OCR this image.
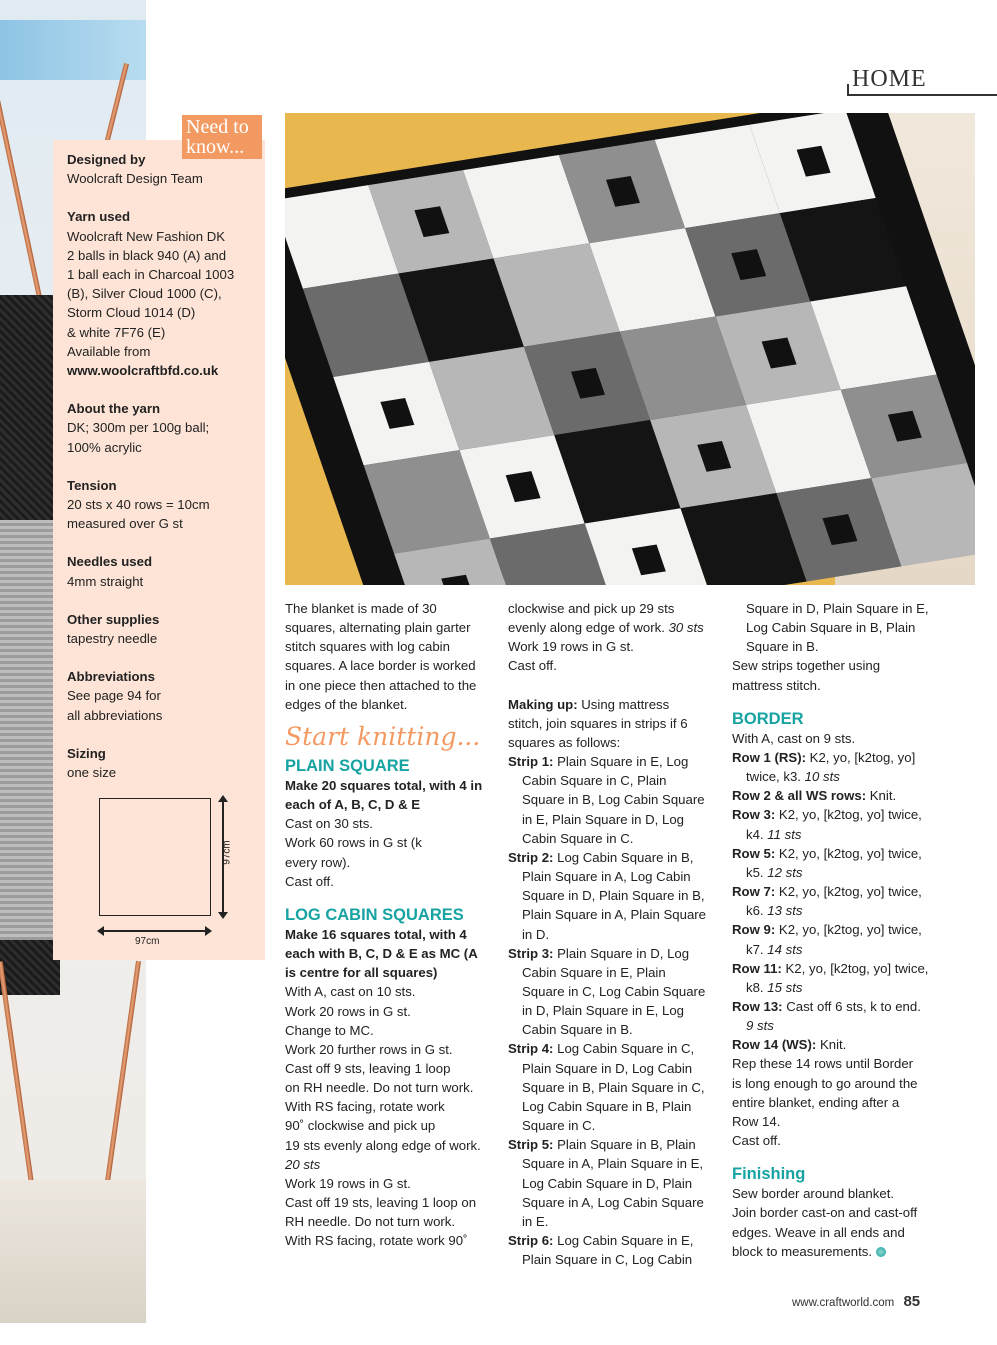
HOME
Designed by
Woolcraft Design Team
Yarn used
Woolcraft New Fashion DK
2 balls in black 940 (A) and
1 ball each in Charcoal 1003
(B), Silver Cloud 1000 (C),
Storm Cloud 1014 (D)
& white 7F76 (E)
Available from
www.woolcraftbfd.co.uk
About the yarn
DK; 300m per 100g ball;
100% acrylic
Tension
20 sts x 40 rows = 10cm
measured over G st
Needles used
4mm straight
Other supplies
tapestry needle
Abbreviations
See page 94 for
all abbreviations
Sizing
one size
97cm
97cm
Need to know...

The blanket is made of 30

squares, alternating plain garter

stitch squares with log cabin

squares. A lace border is worked

in one piece then attached to the

edges of the blanket.

Start knitting...
PLAIN SQUARE

Make 20 squares total, with 4 in

each of A, B, C, D & E

Cast on 30 sts.

Work 60 rows in G st (k

every row).

Cast off.

LOG CABIN SQUARES

Make 16 squares total, with 4

each with B, C, D & E as MC (A

is centre for all squares)

With A, cast on 10 sts.

Work 20 rows in G st.

Change to MC.

Work 20 further rows in G st.

Cast off 9 sts, leaving 1 loop

on RH needle. Do not turn work.

With RS facing, rotate work

90˚ clockwise and pick up

19 sts evenly along edge of work.

20 sts

Work 19 rows in G st.

Cast off 19 sts, leaving 1 loop on

RH needle. Do not turn work.

With RS facing, rotate work 90˚

clockwise and pick up 29 sts

evenly along edge of work. 30 sts

Work 19 rows in G st.

Cast off.

Making up: Using mattress

stitch, join squares in strips if 6

squares as follows:

Strip 1: Plain Square in E, Log

Cabin Square in C, Plain

Square in B, Log Cabin Square

in E, Plain Square in D, Log

Cabin Square in C.

Strip 2: Log Cabin Square in B,

Plain Square in A, Log Cabin

Square in D, Plain Square in B,

Plain Square in A, Plain Square

in D.

Strip 3: Plain Square in D, Log

Cabin Square in E, Plain

Square in C, Log Cabin Square

in D, Plain Square in E, Log

Cabin Square in B.

Strip 4: Log Cabin Square in C,

Plain Square in D, Log Cabin

Square in B, Plain Square in C,

Log Cabin Square in B, Plain

Square in C.

Strip 5: Plain Square in B, Plain

Square in A, Plain Square in E,

Log Cabin Square in D, Plain

Square in A, Log Cabin Square

in E.

Strip 6: Log Cabin Square in E,

Plain Square in C, Log Cabin

Square in D, Plain Square in E,

Log Cabin Square in B, Plain

Square in B.

Sew strips together using

mattress stitch.

BORDER

With A, cast on 9 sts.

Row 1 (RS): K2, yo, [k2tog, yo]

twice, k3. 10 sts

Row 2 & all WS rows: Knit.

Row 3: K2, yo, [k2tog, yo] twice,

k4. 11 sts

Row 5: K2, yo, [k2tog, yo] twice,

k5. 12 sts

Row 7: K2, yo, [k2tog, yo] twice,

k6. 13 sts

Row 9: K2, yo, [k2tog, yo] twice,

k7. 14 sts

Row 11: K2, yo, [k2tog, yo] twice,

k8. 15 sts

Row 13: Cast off 6 sts, k to end.

9 sts

Row 14 (WS): Knit.

Rep these 14 rows until Border

is long enough to go around the

entire blanket, ending after a

Row 14.

Cast off.

Finishing

Sew border around blanket.

Join border cast-on and cast-off

edges. Weave in all ends and

block to measurements.

www.craftworld.com 85
